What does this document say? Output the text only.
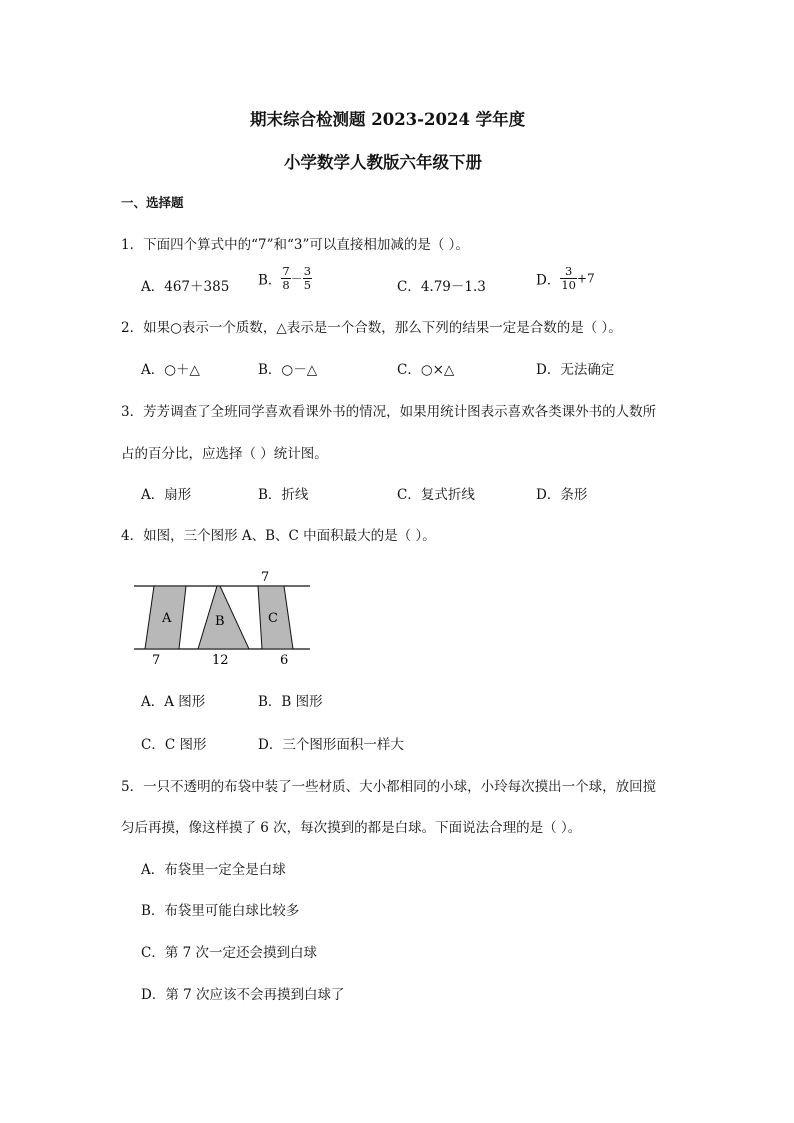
期末综合检测题 2023-2024 学年度
小学数学人教版六年级下册
一、选择题
1．下面四个算式中的“7”和“3”可以直接相加减的是（ ）。
A．467＋385 B． $\frac{7}{8} - \frac{3}{5}$	C．4.79－1.3	D． $\frac{3}{10} +7$
2．如果○表示一个质数，△表示是一个合数，那么下列的结果一定是合数的是（ ）。
A．○＋△	B．○－△	C．○×△	D．无法确定
3．芳芳调查了全班同学喜欢看课外书的情况，如果用统计图表示喜欢各类课外书的人数所
占的百分比，应选择（ ）统计图。
A．扇形	B．折线	C．复式折线	D．条形
4．如图，三个图形 A、B、C 中面积最大的是（ ）。
A	B	C
7
7	12	6
A．A 图形	B．B 图形
C．C 图形	D．三个图形面积一样大
5．一只不透明的布袋中装了一些材质、大小都相同的小球，小玲每次摸出一个球，放回搅
匀后再摸，像这样摸了 6 次，每次摸到的都是白球。下面说法合理的是（ ）。
A．布袋里一定全是白球
B．布袋里可能白球比较多
C．第 7 次一定还会摸到白球
D．第 7 次应该不会再摸到白球了
